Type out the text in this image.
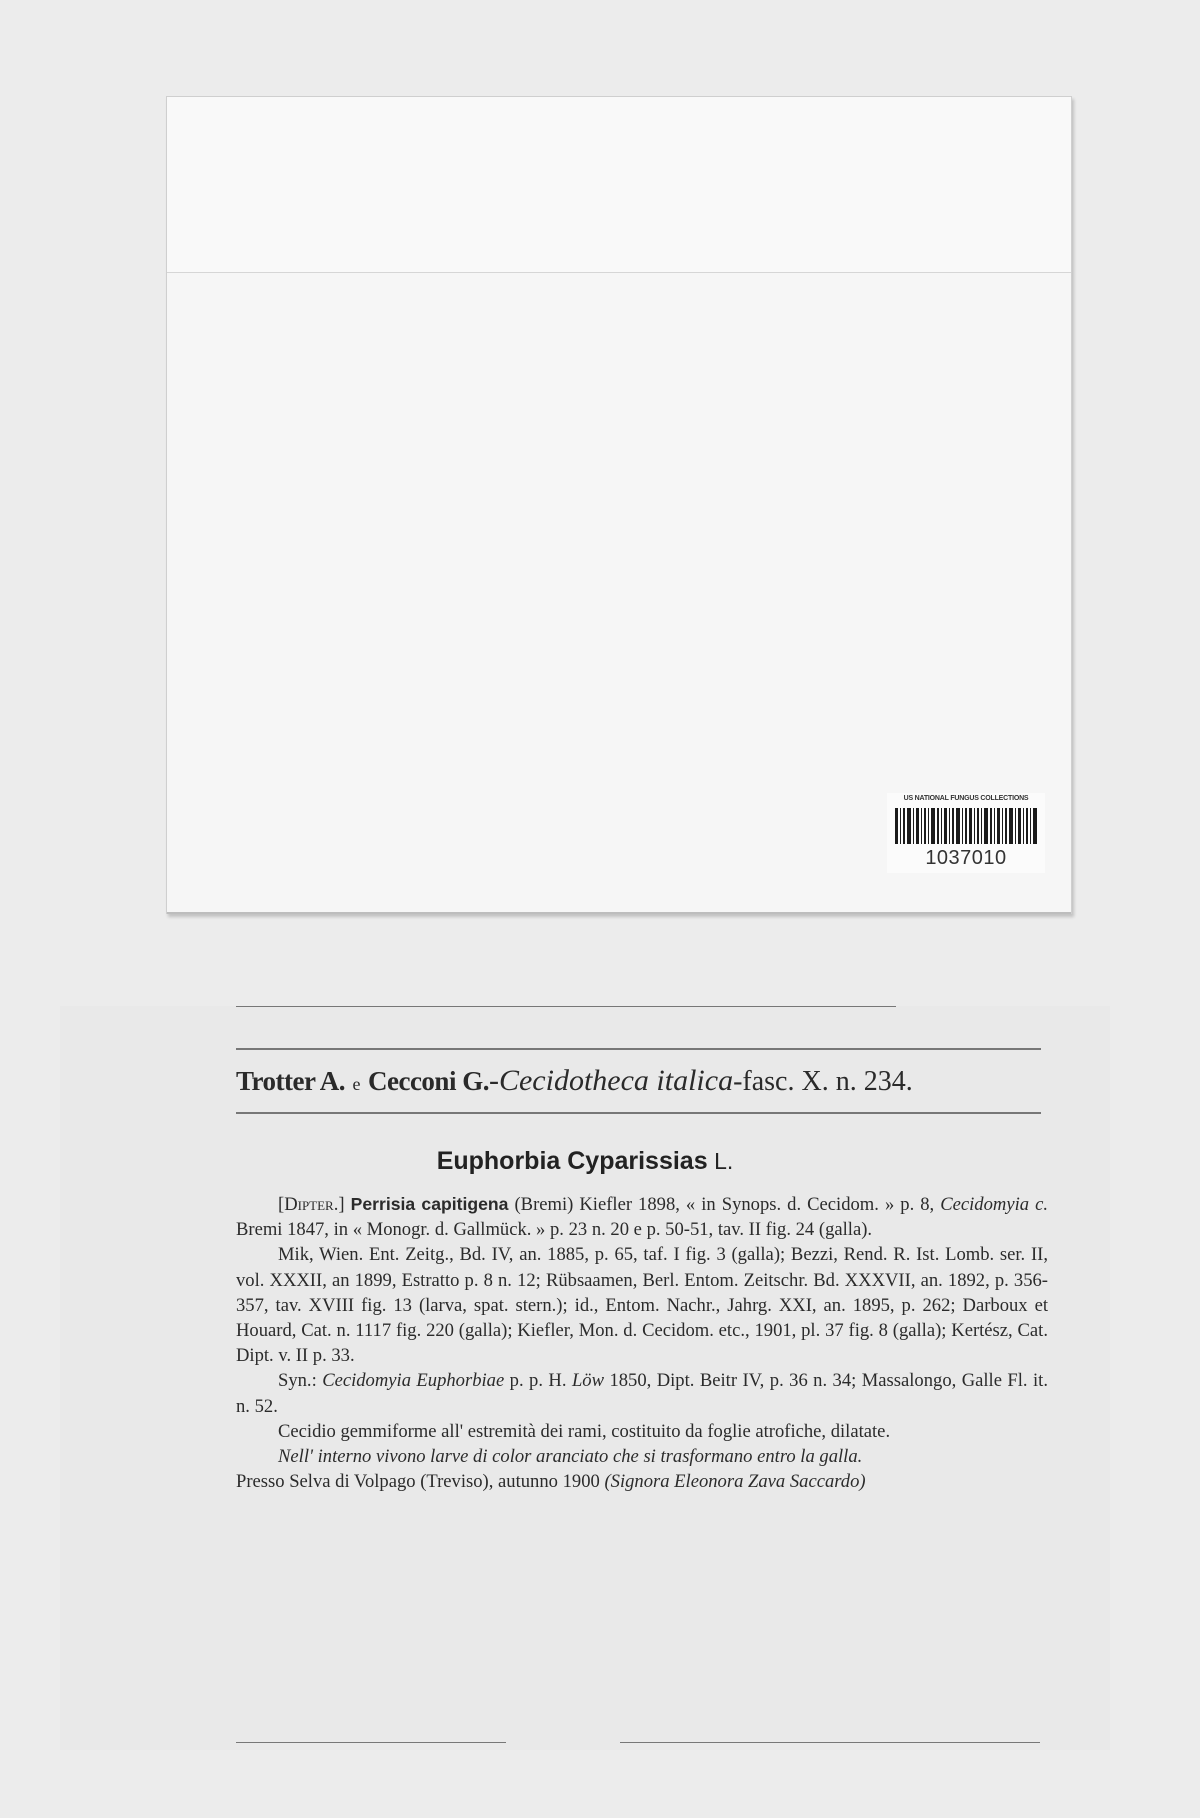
US NATIONAL FUNGUS COLLECTIONS
1037010
Trotter A. e Cecconi G.-Cecidotheca italica-fasc. X. n. 234.
Euphorbia Cyparissias L.

[Dipter.] Perrisia capitigena (Bremi) Kiefler 1898, « in Synops. d. Cecidom. » p. 8, Cecidomyia c. Bremi 1847, in « Monogr. d. Gallmück. » p. 23 n. 20 e p. 50-51, tav. II fig. 24 (galla).

Mik, Wien. Ent. Zeitg., Bd. IV, an. 1885, p. 65, taf. I fig. 3 (galla); Bezzi, Rend. R. Ist. Lomb. ser. II, vol. XXXII, an 1899, Estratto p. 8 n. 12; Rübsaamen, Berl. Entom. Zeitschr. Bd. XXXVII, an. 1892, p. 356-357, tav. XVIII fig. 13 (larva, spat. stern.); id., Entom. Nachr., Jahrg. XXI, an. 1895, p. 262; Darboux et Houard, Cat. n. 1117 fig. 220 (galla); Kiefler, Mon. d. Cecidom. etc., 1901, pl. 37 fig. 8 (galla); Kertész, Cat. Dipt. v. II p. 33.

Syn.: Cecidomyia Euphorbiae p. p. H. Löw 1850, Dipt. Beitr IV, p. 36 n. 34; Massalongo, Galle Fl. it. n. 52.

Cecidio gemmiforme all' estremità dei rami, costituito da foglie atrofiche, dilatate.

Nell' interno vivono larve di color aranciato che si trasformano entro la galla.

Presso Selva di Volpago (Treviso), autunno 1900 (Signora Eleonora Zava Saccardo)
